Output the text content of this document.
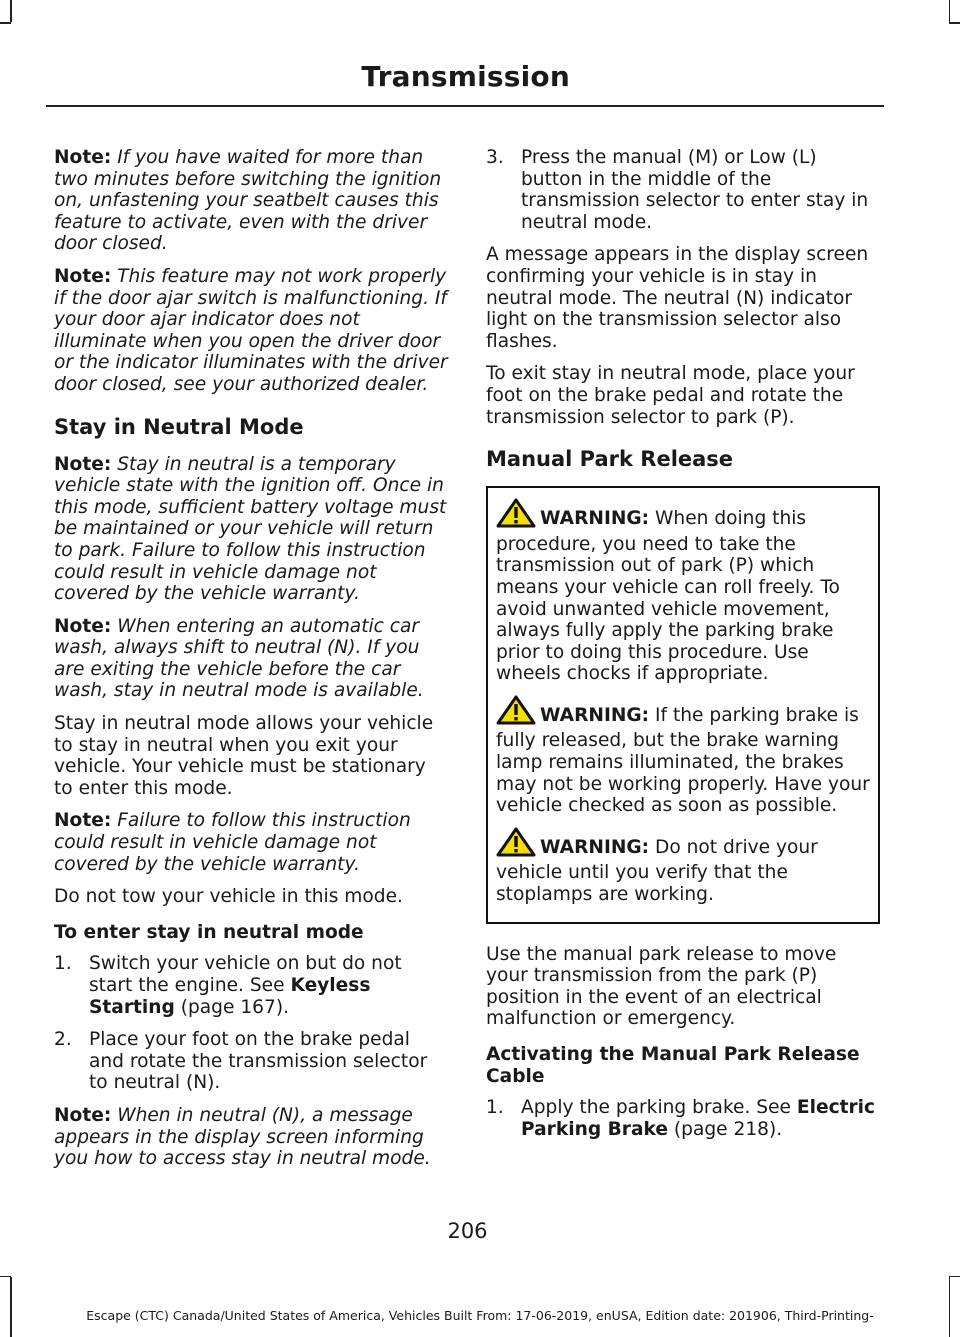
Transmission

Note: If you have waited for more than two minutes before switching the ignition on, unfastening your seatbelt causes this feature to activate, even with the driver door closed.

Note: This feature may not work properly if the door ajar switch is malfunctioning. If your door ajar indicator does not illuminate when you open the driver door or the indicator illuminates with the driver door closed, see your authorized dealer.

Stay in Neutral Mode

Note: Stay in neutral is a temporary vehicle state with the ignition off. Once in this mode, sufficient battery voltage must be maintained or your vehicle will return to park. Failure to follow this instruction could result in vehicle damage not covered by the vehicle warranty.

Note: When entering an automatic car wash, always shift to neutral (N). If you are exiting the vehicle before the car wash, stay in neutral mode is available.

Stay in neutral mode allows your vehicle to stay in neutral when you exit your vehicle. Your vehicle must be stationary to enter this mode.

Note: Failure to follow this instruction could result in vehicle damage not covered by the vehicle warranty.

Do not tow your vehicle in this mode.

To enter stay in neutral mode
1. Switch your vehicle on but do not start the engine. See Keyless Starting (page 167).
2. Place your foot on the brake pedal and rotate the transmission selector to neutral (N).

Note: When in neutral (N), a message appears in the display screen informing you how to access stay in neutral mode.

3. Press the manual (M) or Low (L) button in the middle of the transmission selector to enter stay in neutral mode.

A message appears in the display screen confirming your vehicle is in stay in neutral mode. The neutral (N) indicator light on the transmission selector also flashes.

To exit stay in neutral mode, place your foot on the brake pedal and rotate the transmission selector to park (P).

Manual Park Release

WARNING: When doing this procedure, you need to take the transmission out of park (P) which means your vehicle can roll freely. To avoid unwanted vehicle movement, always fully apply the parking brake prior to doing this procedure. Use wheels chocks if appropriate.

WARNING: If the parking brake is fully released, but the brake warning lamp remains illuminated, the brakes may not be working properly. Have your vehicle checked as soon as possible.

WARNING: Do not drive your vehicle until you verify that the stoplamps are working.

Use the manual park release to move your transmission from the park (P) position in the event of an electrical malfunction or emergency.

Activating the Manual Park Release Cable
1. Apply the parking brake. See Electric Parking Brake (page 218).
206
Escape (CTC) Canada/United States of America, Vehicles Built From: 17-06-2019, enUSA, Edition date: 201906, Third-Printing-
